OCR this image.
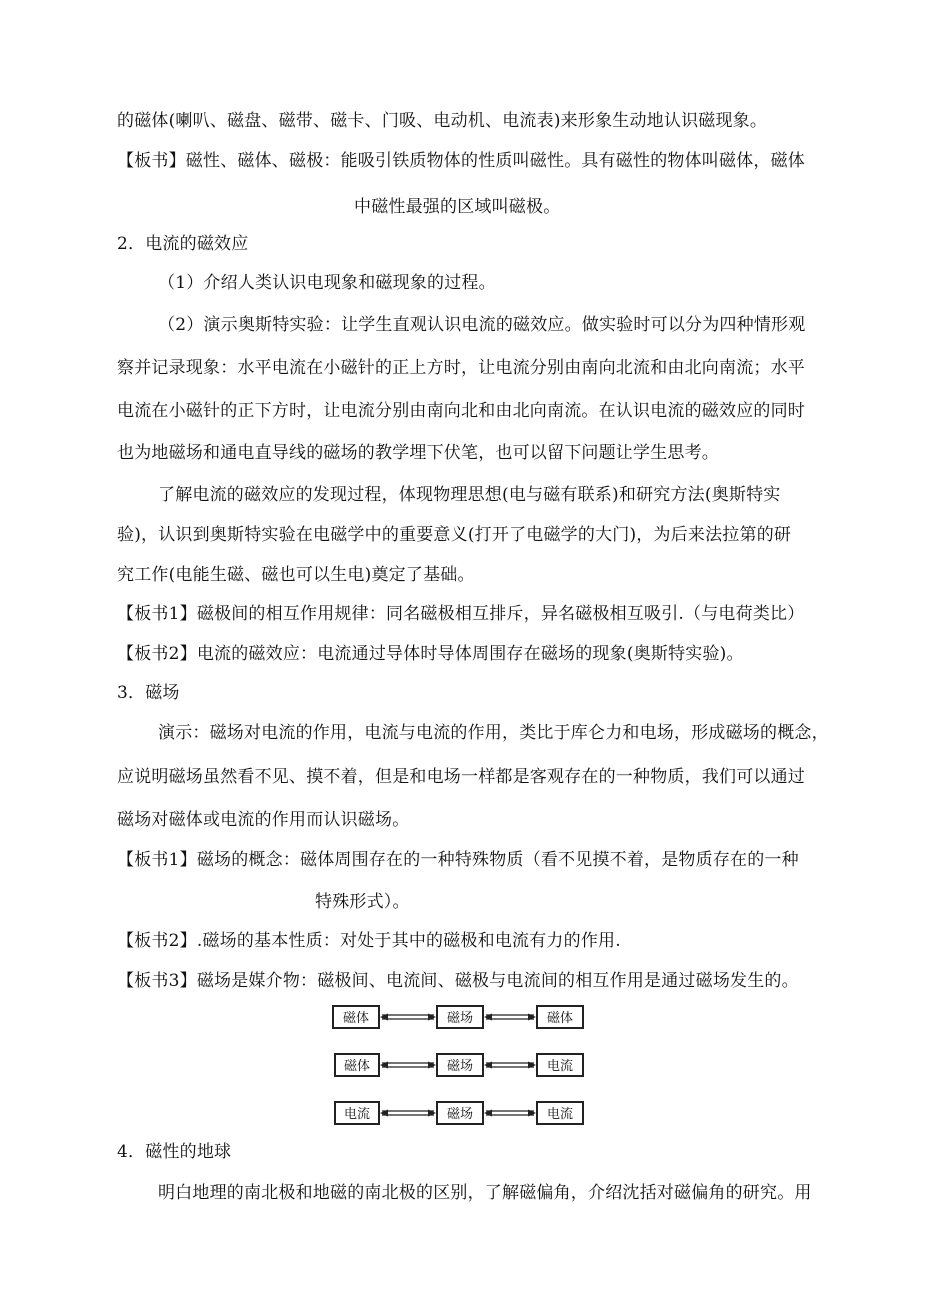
的磁体(喇叭、磁盘、磁带、磁卡、门吸、电动机、电流表)来形象生动地认识磁现象。
【板书】磁性、磁体、磁极：能吸引铁质物体的性质叫磁性。具有磁性的物体叫磁体，磁体
中磁性最强的区域叫磁极。
2．电流的磁效应
（1）介绍人类认识电现象和磁现象的过程。
（2）演示奥斯特实验：让学生直观认识电流的磁效应。做实验时可以分为四种情形观
察并记录现象：水平电流在小磁针的正上方时，让电流分别由南向北流和由北向南流；水平
电流在小磁针的正下方时，让电流分别由南向北和由北向南流。在认识电流的磁效应的同时
也为地磁场和通电直导线的磁场的教学埋下伏笔，也可以留下问题让学生思考。
了解电流的磁效应的发现过程，体现物理思想(电与磁有联系)和研究方法(奥斯特实
验)，认识到奥斯特实验在电磁学中的重要意义(打开了电磁学的大门)，为后来法拉第的研
究工作(电能生磁、磁也可以生电)奠定了基础。
【板书1】磁极间的相互作用规律：同名磁极相互排斥，异名磁极相互吸引.（与电荷类比）
【板书2】电流的磁效应：电流通过导体时导体周围存在磁场的现象(奥斯特实验)。
3．磁场
演示：磁场对电流的作用，电流与电流的作用，类比于库仑力和电场，形成磁场的概念，
应说明磁场虽然看不见、摸不着，但是和电场一样都是客观存在的一种物质，我们可以通过
磁场对磁体或电流的作用而认识磁场。
【板书1】磁场的概念：磁体周围存在的一种特殊物质（看不见摸不着，是物质存在的一种
特殊形式）。
【板书2】.磁场的基本性质：对处于其中的磁极和电流有力的作用.
【板书3】磁场是媒介物：磁极间、电流间、磁极与电流间的相互作用是通过磁场发生的。
磁体	磁场	磁体
磁体	磁场	电流
电流	磁场	电流
4．磁性的地球
明白地理的南北极和地磁的南北极的区别，了解磁偏角，介绍沈括对磁偏角的研究。用
